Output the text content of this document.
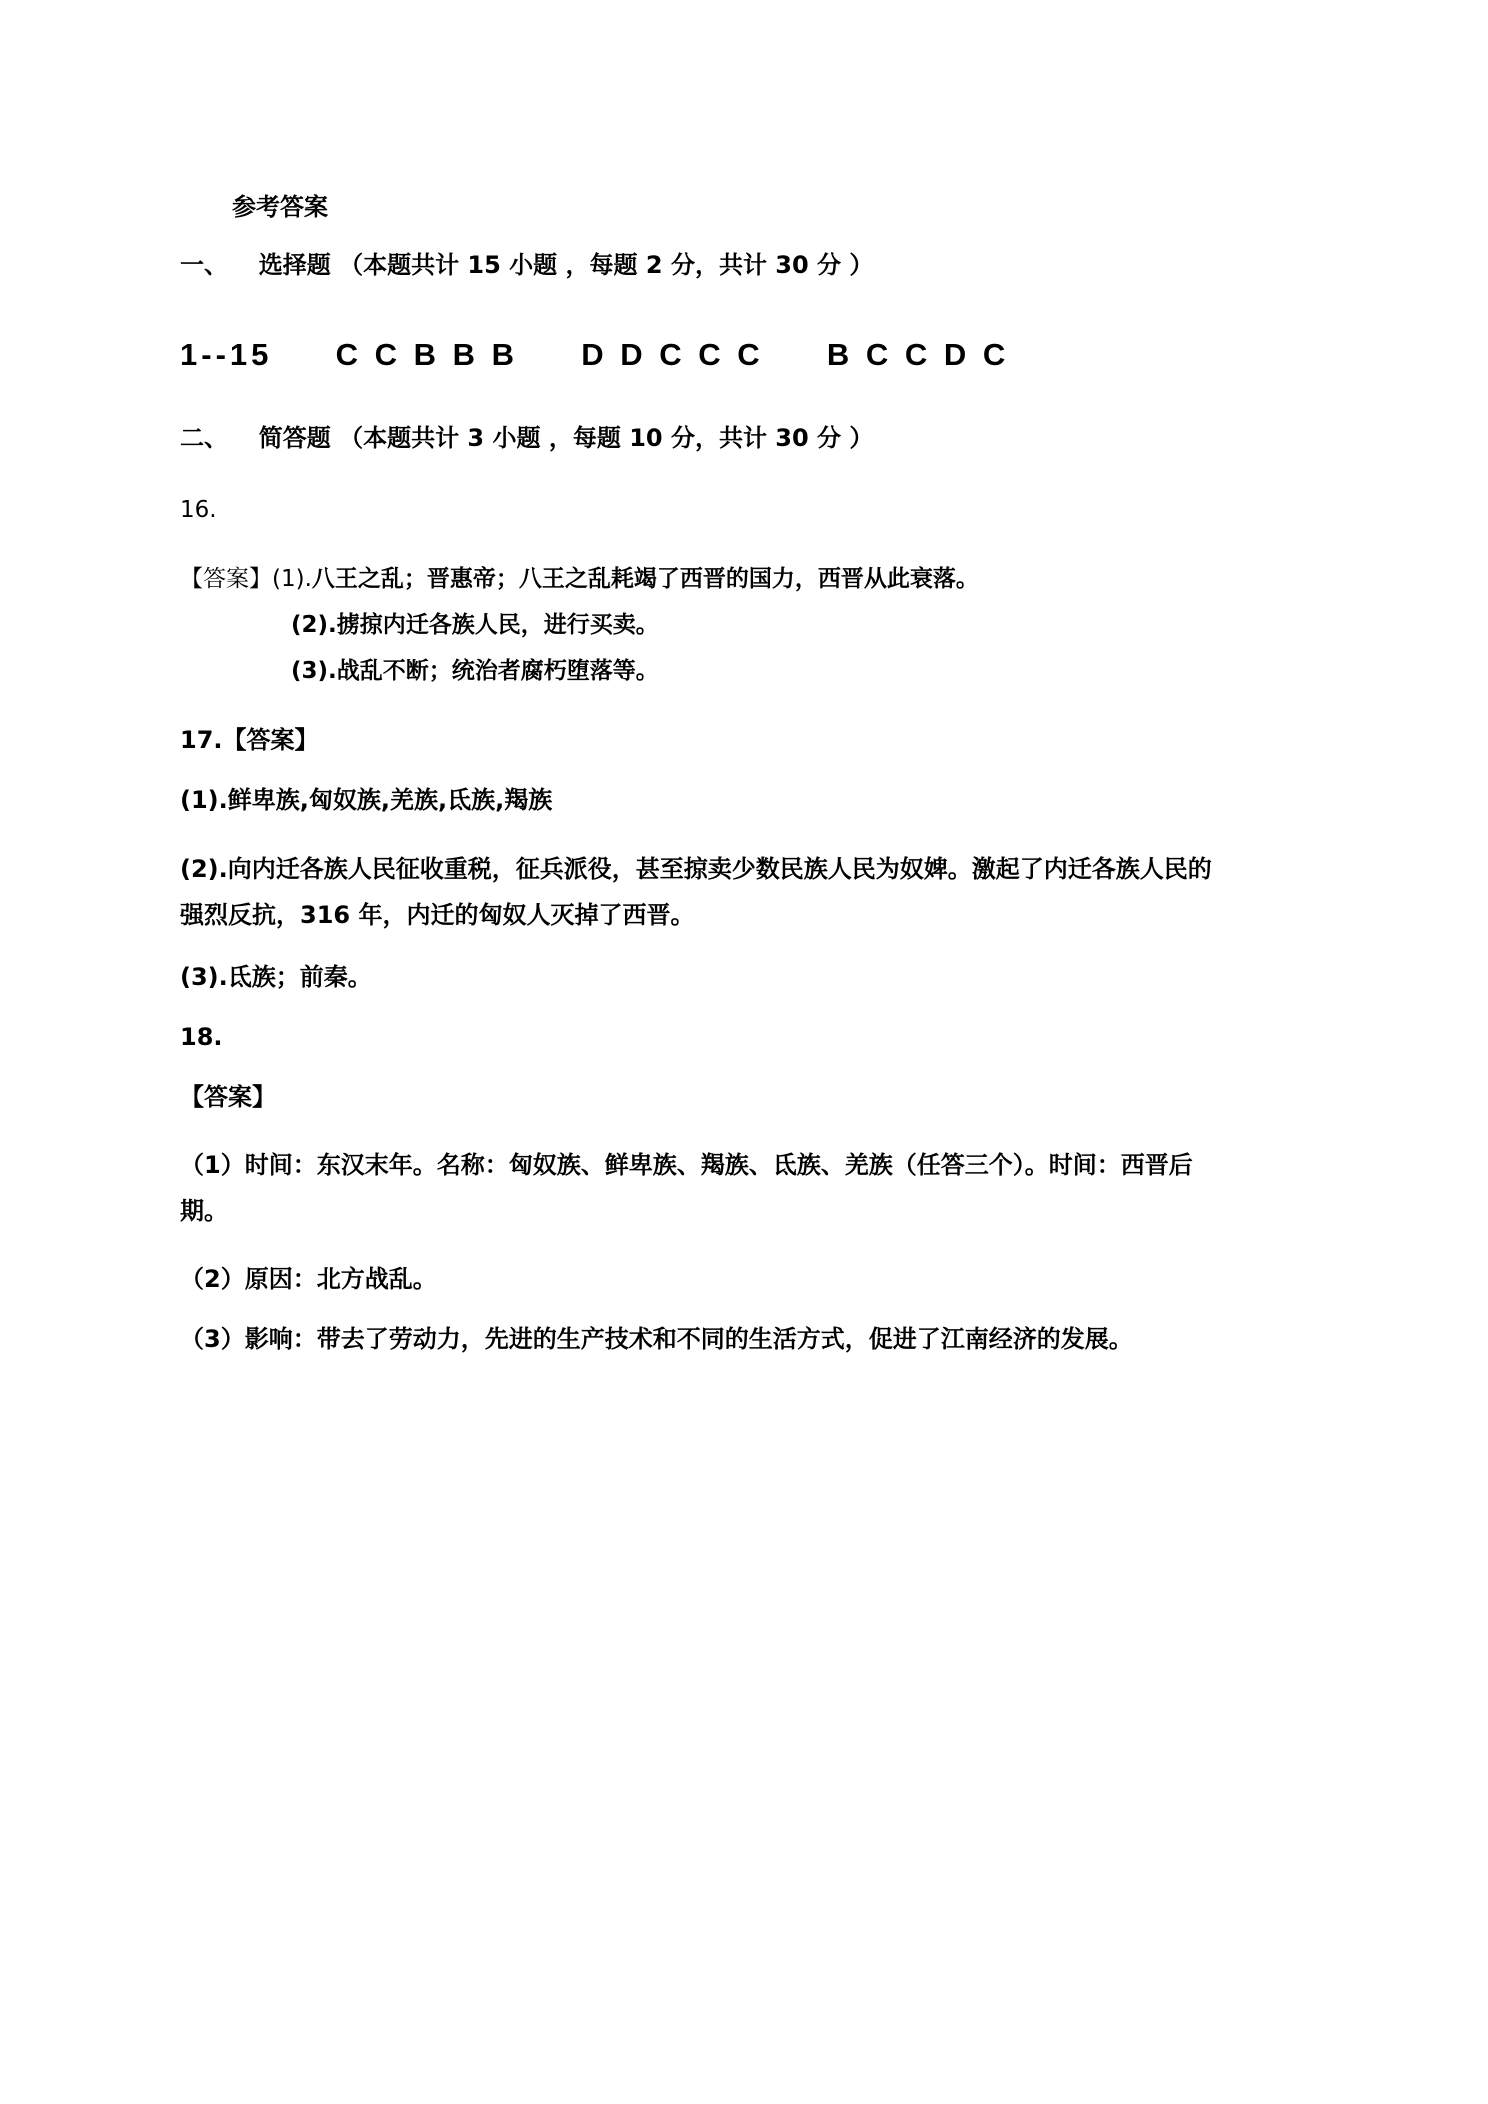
参考答案
一、 选择题 （本题共计 15 小题 ，每题 2 分，共计 30 分 ）
1--15 C C B B B D D C C C B C C D C
二、 简答题 （本题共计 3 小题 ，每题 10 分，共计 30 分 ）
16.
【答案】(1).八王之乱；晋惠帝；八王之乱耗竭了西晋的国力，西晋从此衰落。
(2).掳掠内迁各族人民，进行买卖。
(3).战乱不断；统治者腐朽堕落等。
17.【答案】
(1).鲜卑族,匈奴族,羌族,氐族,羯族
(2).向内迁各族人民征收重税，征兵派役，甚至掠卖少数民族人民为奴婢。激起了内迁各族人民的
强烈反抗，316 年，内迁的匈奴人灭掉了西晋。
(3).氐族；前秦。
18.
【答案】
（1）时间：东汉末年。名称：匈奴族、鲜卑族、羯族、氐族、羌族（任答三个）。时间：西晋后
期。
（2）原因：北方战乱。
（3）影响：带去了劳动力，先进的生产技术和不同的生活方式，促进了江南经济的发展。
